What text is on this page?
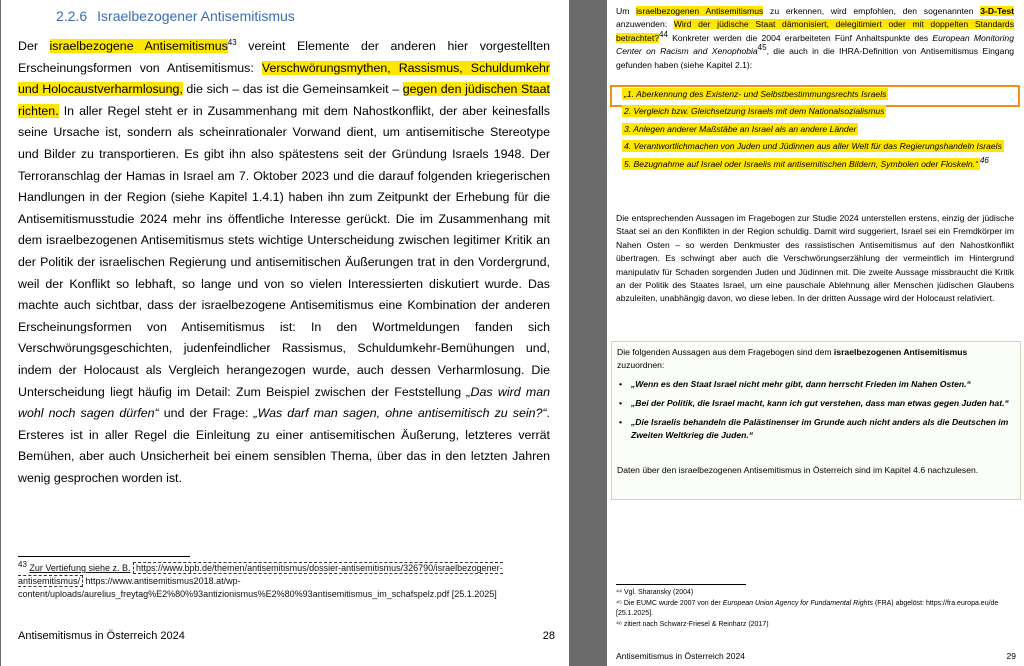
2.2.6 Israelbezogener Antisemitismus

Der israelbezogene Antisemitismus$^{43}$ vereint Elemente der anderen hier vorgestellten Erscheinungsformen von Antisemitismus: Verschwörungsmythen, Rassismus, Schuldumkehr und Holocaustverharmlosung, die sich – das ist die Gemeinsamkeit – gegen den jüdischen Staat richten. In aller Regel steht er in Zusammenhang mit dem Nahostkonflikt, der aber keinesfalls seine Ursache ist, sondern als scheinrationaler Vorwand dient, um antisemitische Stereotype und Bilder zu transportieren. Es gibt ihn also spätestens seit der Gründung Israels 1948. Der Terroranschlag der Hamas in Israel am 7. Oktober 2023 und die darauf folgenden kriegerischen Handlungen in der Region (siehe Kapitel 1.4.1) haben ihn zum Zeitpunkt der Erhebung für die Antisemitismusstudie 2024 mehr ins öffentliche Interesse gerückt. Die im Zusammenhang mit dem israelbezogenen Antisemitismus stets wichtige Unterscheidung zwischen legitimer Kritik an der Politik der israelischen Regierung und antisemitischen Äußerungen trat in den Vordergrund, weil der Konflikt so lebhaft, so lange und von so vielen Interessierten diskutiert wurde. Das machte auch sichtbar, dass der israelbezogene Antisemitismus eine Kombination der anderen Erscheinungsformen von Antisemitismus ist: In den Wortmeldungen fanden sich Verschwörungsgeschichten, judenfeindlicher Rassismus, Schuldumkehr-Bemühungen und, indem der Holocaust als Vergleich herangezogen wurde, auch dessen Verharmlosung. Die Unterscheidung liegt häufig im Detail: Zum Beispiel zwischen der Feststellung „Das wird man wohl noch sagen dürfen“ und der Frage: „Was darf man sagen, ohne antisemitisch zu sein?“. Ersteres ist in aller Regel die Einleitung zu einer antisemitischen Äußerung, letzteres verrät Bemühen, aber auch Unsicherheit bei einem sensiblen Thema, über das in den letzten Jahren wenig gesprochen worden ist.

43 Zur Vertiefung siehe z. B. https://www.bpb.de/themen/antisemitismus/dossier-antisemitismus/326790/israelbezogener-antisemitismus/ https://www.antisemitismus2018.at/wp-content/uploads/aurelius_freytag%E2%80%93antizionismus%E2%80%93antisemitismus_im_schafspelz.pdf [25.1.2025]
Antisemitismus in Österreich 2024	28

Um israelbezogenen Antisemitismus zu erkennen, wird empfohlen, den sogenannten 3-D-Test anzuwenden: Wird der jüdische Staat dämonisiert, delegitimiert oder mit doppelten Standards betrachtet?44 Konkreter werden die 2004 erarbeiteten Fünf Anhaltspunkte des European Monitoring Center on Racism and Xenophobia45, die auch in die IHRA-Definition von Antisemitismus Eingang gefunden haben (siehe Kapitel 2.1):

„1. Aberkennung des Existenz- und Selbstbestimmungsrechts Israels
2. Vergleich bzw. Gleichsetzung Israels mit dem Nationalsozialismus
3. Anlegen anderer Maßstäbe an Israel als an andere Länder
4. Verantwortlichmachen von Juden und Jüdinnen aus aller Welt für das Regierungshandeln Israels
5. Bezugnahme auf Israel oder Israelis mit antisemitischen Bildern, Symbolen oder Floskeln.“ 46
Die entsprechenden Aussagen im Fragebogen zur Studie 2024 unterstellen erstens, einzig der jüdische Staat sei an den Konflikten in der Region schuldig. Damit wird suggeriert, Israel sei ein Fremdkörper im Nahen Osten – so werden Denkmuster des rassistischen Antisemitismus auf den Nahostkonflikt übertragen. Es schwingt aber auch die Verschwörungserzählung der vermeintlich im Hintergrund manipulativ für Schaden sorgenden Juden und Jüdinnen mit. Die zweite Aussage missbraucht die Kritik an der Politik des Staates Israel, um eine pauschale Ablehnung aller Menschen jüdischen Glaubens abzuleiten, unabhängig davon, wo diese leben. In der dritten Aussage wird der Holocaust relativiert.
Die folgenden Aussagen aus dem Fragebogen sind dem israelbezogenen Antisemitismus zuzuordnen:
• „Wenn es den Staat Israel nicht mehr gibt, dann herrscht Frieden im Nahen Osten.“
• „Bei der Politik, die Israel macht, kann ich gut verstehen, dass man etwas gegen Juden hat.“
• „Die Israelis behandeln die Palästinenser im Grunde auch nicht anders als die Deutschen im Zweiten Weltkrieg die Juden.“
Daten über den israelbezogenen Antisemitismus in Österreich sind im Kapitel 4.6 nachzulesen.
⁴⁴ Vgl. Sharansky (2004)
⁴⁵ Die EUMC wurde 2007 von der European Union Agency for Fundamental Rights (FRA) abgelöst: https://fra.europa.eu/de [25.1.2025].
⁴⁶ zitiert nach Schwarz-Friesel & Reinharz (2017)
Antisemitismus in Österreich 2024	29
